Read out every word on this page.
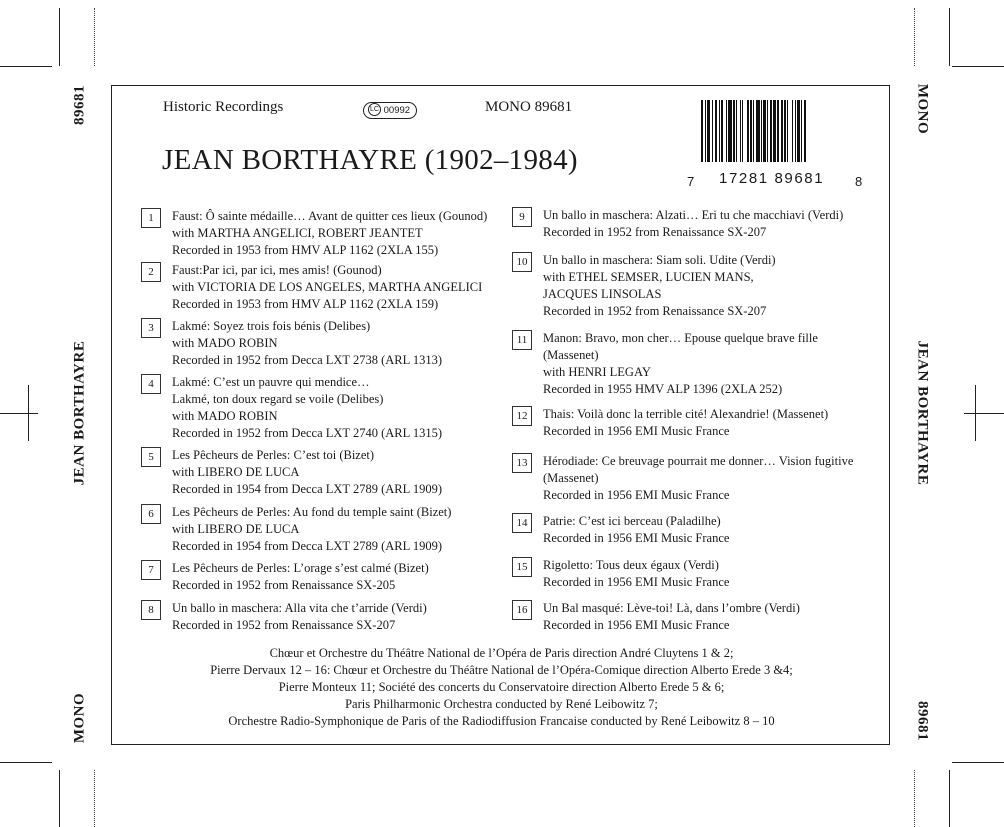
89681
JEAN BORTHAYRE
MONO
MONO
JEAN BORTHAYRE
89681
Historic Recordings	LC 00992	MONO 89681
JEAN BORTHAYRE (1902–1984)
7 17281 89681 8
1	Faust: Ô sainte médaille… Avant de quitter ces lieux (Gounod)
with MARTHA ANGELICI, ROBERT JEANTET
Recorded in 1953 from HMV ALP 1162 (2XLA 155)
2	Faust:Par ici, par ici, mes amis! (Gounod)
with VICTORIA DE LOS ANGELES, MARTHA ANGELICI
Recorded in 1953 from HMV ALP 1162 (2XLA 159)
3	Lakmé: Soyez trois fois bénis (Delibes)
with MADO ROBIN
Recorded in 1952 from Decca LXT 2738 (ARL 1313)
4	Lakmé: C’est un pauvre qui mendice…
Lakmé, ton doux regard se voile (Delibes)
with MADO ROBIN
Recorded in 1952 from Decca LXT 2740 (ARL 1315)
5	Les Pêcheurs de Perles: C’est toi (Bizet)
with LIBERO DE LUCA
Recorded in 1954 from Decca LXT 2789 (ARL 1909)
6	Les Pêcheurs de Perles: Au fond du temple saint (Bizet)
with LIBERO DE LUCA
Recorded in 1954 from Decca LXT 2789 (ARL 1909)
7	Les Pêcheurs de Perles: L’orage s’est calmé (Bizet)
Recorded in 1952 from Renaissance SX-205
8	Un ballo in maschera: Alla vita che t’arride (Verdi)
Recorded in 1952 from Renaissance SX-207
9	Un ballo in maschera: Alzati… Eri tu che macchiavi (Verdi)
Recorded in 1952 from Renaissance SX-207
10	Un ballo in maschera: Siam soli. Udite (Verdi)
with ETHEL SEMSER, LUCIEN MANS,
JACQUES LINSOLAS
Recorded in 1952 from Renaissance SX-207
11	Manon: Bravo, mon cher… Epouse quelque brave fille
(Massenet)
with HENRI LEGAY
Recorded in 1955 HMV ALP 1396 (2XLA 252)
12	Thais: Voilà donc la terrible cité! Alexandrie! (Massenet)
Recorded in 1956 EMI Music France
13	Hérodiade: Ce breuvage pourrait me donner… Vision fugitive
(Massenet)
Recorded in 1956 EMI Music France
14	Patrie: C’est ici berceau (Paladilhe)
Recorded in 1956 EMI Music France
15	Rigoletto: Tous deux égaux (Verdi)
Recorded in 1956 EMI Music France
16	Un Bal masqué: Lève-toi! Là, dans l’ombre (Verdi)
Recorded in 1956 EMI Music France
Chœur et Orchestre du Théâtre National de l’Opéra de Paris direction André Cluytens 1 & 2;
Pierre Dervaux 12 – 16: Chœur et Orchestre du Théâtre National de l’Opéra-Comique direction Alberto Erede 3 &4;
Pierre Monteux 11; Société des concerts du Conservatoire direction Alberto Erede 5 & 6;
Paris Philharmonic Orchestra conducted by René Leibowitz 7;
Orchestre Radio-Symphonique de Paris of the Radiodiffusion Francaise conducted by René Leibowitz 8 – 10
